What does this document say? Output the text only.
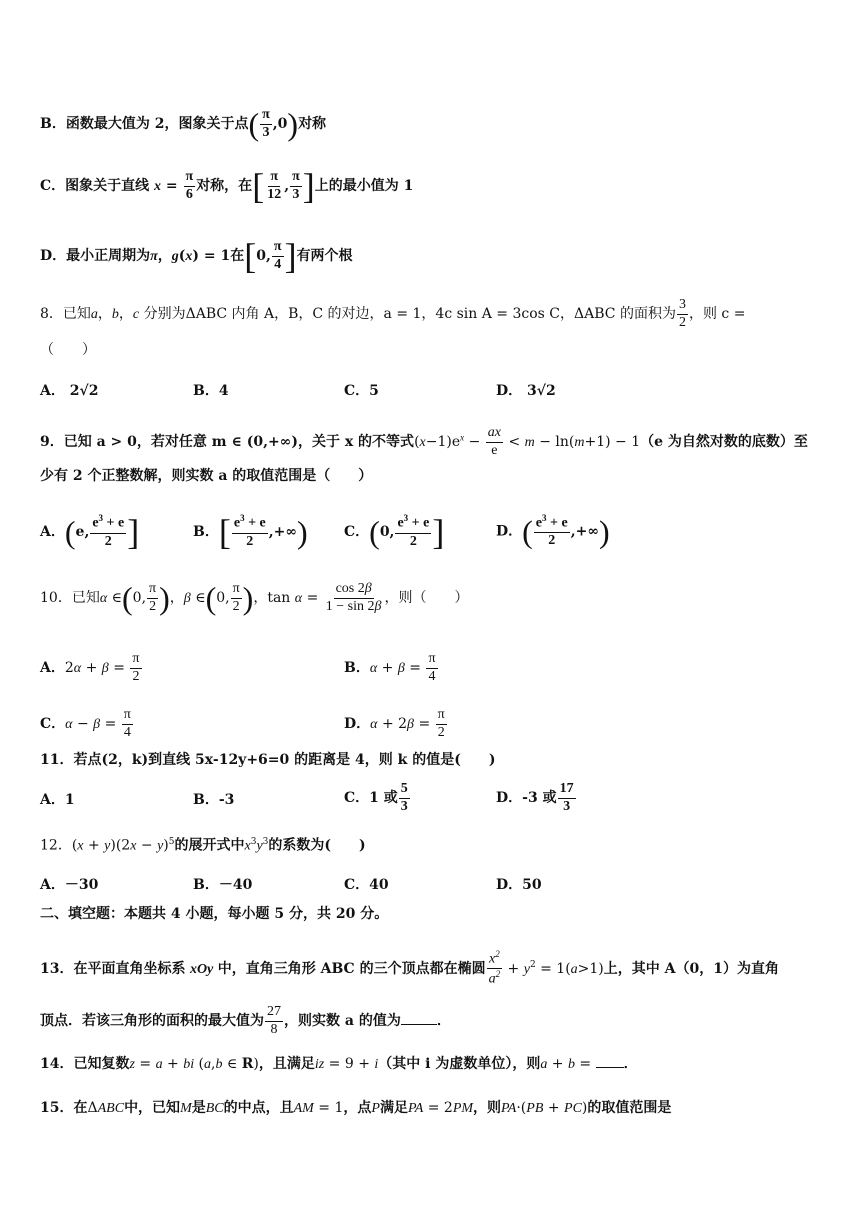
B．函数最大值为 2，图象关于点( $\frac{\pi}{3} ,0$)对称
C．图象关于直线 $x = \frac{\pi}{6}$ 对称，在[ $\frac{\pi}{12}$ , $\frac{\pi}{3}$ ]上的最小值为 1
D．最小正周期为π，g(x) = 1在[0, $\frac{\pi}{4}$ ]有两个根
8．已知a，b，c 分别为ΔABC 内角 A，B，C 的对边，a = 1，4c sin A = 3cos C，ΔABC 的面积为 $\frac{3}{2}$ ，则 c =
（　　）
A． 2√2	B．4	C．5	D． 3√2
9．已知 a > 0，若对任意 m ∈ (0,+∞)，关于 x 的不等式$(x-1)e^x - \frac{ax}{e} < m - \ln(m+1) - 1(e$ 为自然对数的底数）至
少有 2 个正整数解，则实数 a 的取值范围是（　　）
A．(e, $\frac{e^3 + e}{2}$ ]	B．[ $\frac{e^3 + e}{2}$ ,+∞)	C．(0, $\frac{e^3 + e}{2}$ ]	D．( $\frac{e^3 + e}{2}$ ,+∞)
10．已知α ∈(0, $\frac{\pi}{2}$ )，β ∈(0, $\frac{\pi}{2}$ )，$\tan \alpha = \frac{\cos 2\beta}{1 - \sin 2\beta}$ ，则（　　）
A．$2\alpha + \beta = \frac{\pi}{2}$	B．$\alpha + \beta = \frac{\pi}{4}$
C．$\alpha - \beta = \frac{\pi}{4}$	D．$\alpha + 2\beta = \frac{\pi}{2}$
11．若点(2，k)到直线 5x-12y+6=0 的距离是 4，则 k 的值是(　　)
A．1	B．-3	C．1 或 $\frac{5}{3}$	D．-3 或 $\frac{17}{3}$
12．$(x + y)(2x - y)^5$的展开式中$x^3y^3$的系数为(　　)
A．－30	B．－40	C．40	D．50
二、填空题：本题共 4 小题，每小题 5 分，共 20 分。
13．在平面直角坐标系 xOy 中，直角三角形 ABC 的三个顶点都在椭圆 $\frac{x^2}{a^2} + y^2 = 1(a>1)$上，其中 A（0，1）为直角
顶点．若该三角形的面积的最大值为 $\frac{27}{8}$ ，则实数 a 的值为	．
14．已知复数z = a + bi (a,b ∈ R)，且满足iz = 9 + i（其中 i 为虚数单位），则a + b = ．
15．在ΔABC中，已知M是BC的中点，且AM = 1，点P满足PA = 2PM，则PA·(PB + PC)的取值范围是
